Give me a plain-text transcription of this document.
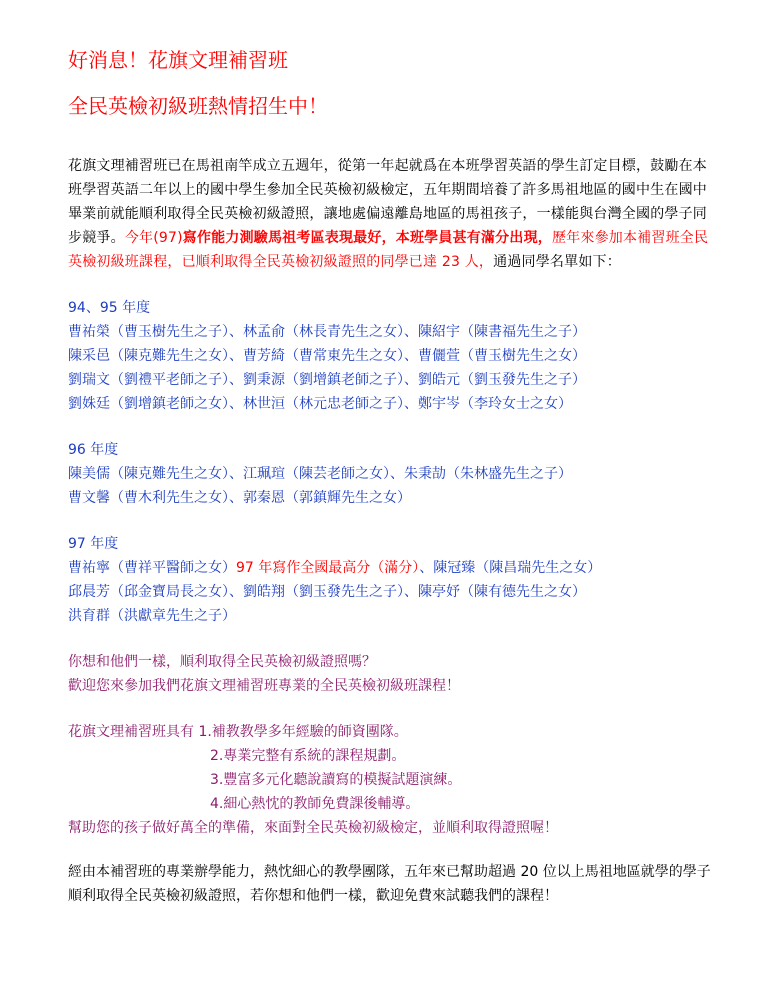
好消息！花旗文理補習班
全民英檢初級班熱情招生中！
花旗文理補習班已在馬祖南竿成立五週年，從第一年起就爲在本班學習英語的學生訂定目標，鼓勵在本班學習英語二年以上的國中學生參加全民英檢初級檢定，五年期間培養了許多馬祖地區的國中生在國中畢業前就能順利取得全民英檢初級證照，讓地處偏遠離島地區的馬祖孩子，一樣能與台灣全國的學子同步競爭。今年(97)寫作能力測驗馬祖考區表現最好，本班學員甚有滿分出現，歷年來參加本補習班全民英檢初級班課程，已順利取得全民英檢初級證照的同學已達 23 人，通過同學名單如下：
94、95 年度
曹祐榮（曹玉樹先生之子）、林孟俞（林長青先生之女）、陳紹宇（陳書福先生之子）
陳采邑（陳克難先生之女）、曹芳綺（曹常東先生之女）、曹儷萱（曹玉樹先生之女）
劉瑞文（劉禮平老師之子）、劉秉源（劉增鎮老師之子）、劉皓元（劉玉發先生之子）
劉姝廷（劉增鎮老師之女）、林世洹（林元忠老師之子）、鄭宇岑（李玲女士之女）
96 年度
陳美儒（陳克難先生之女）、江珮瑄（陳芸老師之女）、朱秉劼（朱林盛先生之子）
曹文馨（曹木利先生之女）、郭秦恩（郭鎮輝先生之女）
97 年度
曹祐寧（曹祥平醫師之女）97 年寫作全國最高分（滿分）、陳冠臻（陳昌瑞先生之女）
邱晨芳（邱金寶局長之女）、劉皓翔（劉玉發先生之子）、陳亭妤（陳有德先生之女）
洪育群（洪獻章先生之子）
你想和他們一樣，順利取得全民英檢初級證照嗎？
歡迎您來參加我們花旗文理補習班專業的全民英檢初級班課程！
花旗文理補習班具有 1.補教教學多年經驗的師資團隊。
2.專業完整有系統的課程規劃。
3.豐富多元化聽說讀寫的模擬試題演練。
4.細心熱忱的教師免費課後輔導。
幫助您的孩子做好萬全的準備，來面對全民英檢初級檢定，並順利取得證照喔！
經由本補習班的專業辦學能力，熱忱細心的教學團隊，五年來已幫助超過 20 位以上馬祖地區就學的學子順利取得全民英檢初級證照，若你想和他們一樣，歡迎免費來試聽我們的課程！
